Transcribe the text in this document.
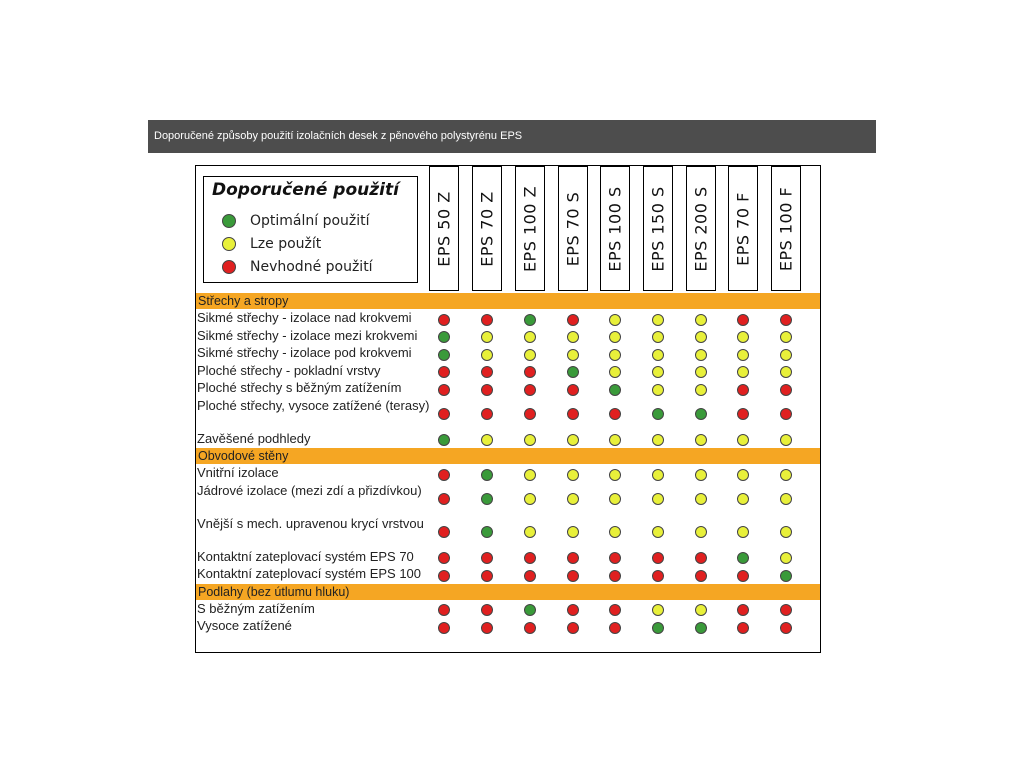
Doporučené způsoby použití izolačních desek z pěnového polystyrénu EPS
Doporučené použití
Optimální použití
Lze použít
Nevhodné použití
EPS 50 Z EPS 70 Z EPS 100 Z EPS 70 S EPS 100 S EPS 150 S EPS 200 S EPS 70 F EPS 100 F
Střechy a stropy
Sikmé střechy - izolace nad krokvemi
Sikmé střechy - izolace mezi krokvemi
Sikmé střechy - izolace pod krokvemi
Ploché střechy - pokladní vrstvy
Ploché střechy s běžným zatížením
Ploché střechy, vysoce zatížené (terasy)
Zavěšené podhledy
Obvodové stěny
Vnitřní izolace
Jádrové izolace (mezi zdí a přizdívkou)
Vnější s mech. upravenou krycí vrstvou
Kontaktní zateplovací systém EPS 70
Kontaktní zateplovací systém EPS 100
Podlahy (bez útlumu hluku)
S běžným zatížením
Vysoce zatížené
